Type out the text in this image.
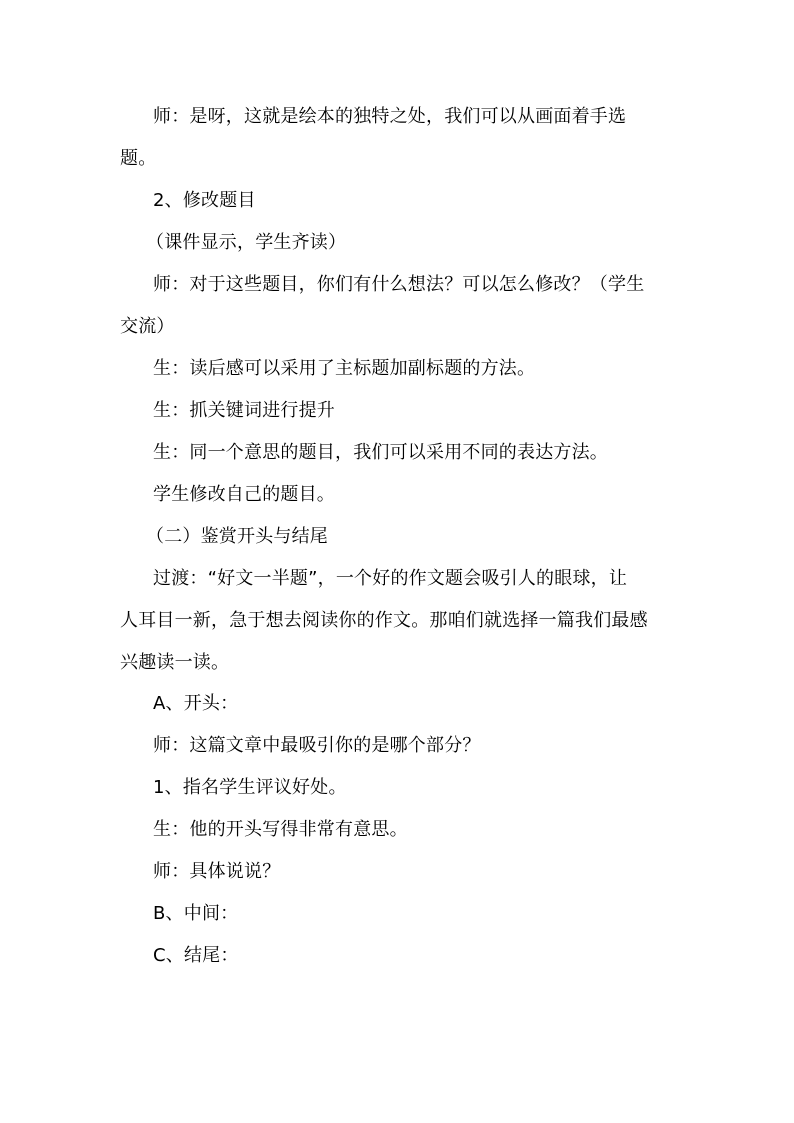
师：是呀，这就是绘本的独特之处，我们可以从画面着手选
题。
2、修改题目
（课件显示，学生齐读）
师：对于这些题目，你们有什么想法？可以怎么修改？（学生
交流）
生：读后感可以采用了主标题加副标题的方法。
生：抓关键词进行提升
生：同一个意思的题目，我们可以采用不同的表达方法。
学生修改自己的题目。
（二）鉴赏开头与结尾
过渡：“好文一半题”，一个好的作文题会吸引人的眼球，让
人耳目一新，急于想去阅读你的作文。那咱们就选择一篇我们最感
兴趣读一读。
A、开头：
师：这篇文章中最吸引你的是哪个部分？
1、指名学生评议好处。
生：他的开头写得非常有意思。
师：具体说说？
B、中间：
C、结尾：
